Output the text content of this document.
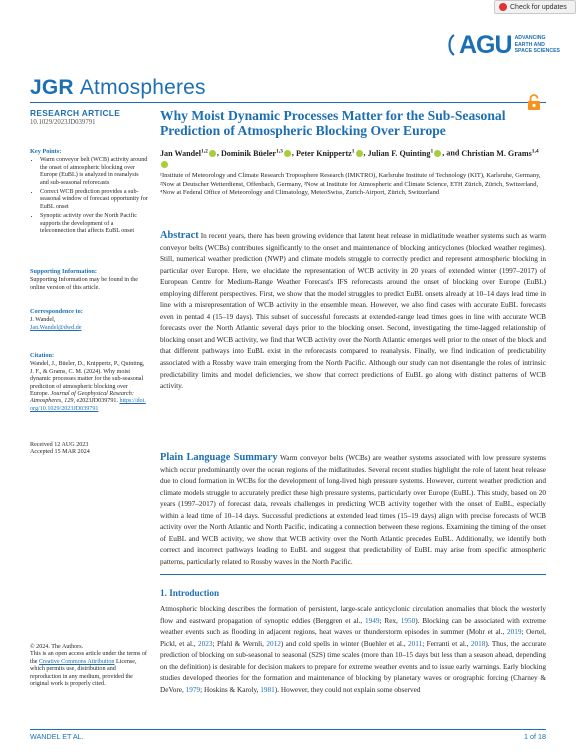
Check for updates
AGU ADVANCING
EARTH AND
SPACE SCIENCES
JGR Atmospheres
RESEARCH ARTICLE
10.1029/2023JD039791
Key Points:
• Warm conveyor belt (WCB) activity around the onset of atmospheric blocking over Europe (EuBL) is analyzed in reanalysis and sub-seasonal reforecasts
• Correct WCB prediction provides a sub-seasonal window of forecast opportunity for EuBL onset
• Synoptic activity over the North Pacific supports the development of a teleconnection that affects EuBL onset
Supporting Information:
Supporting Information may be found in the online version of this article.
Correspondence to:
J. Wandel,
Jan.Wandel@dwd.de
Citation:
Wandel, J., Büeler, D., Knippertz, P., Quinting, J. F., & Grams, C. M. (2024). Why moist dynamic processes matter for the sub-seasonal prediction of atmospheric blocking over Europe. Journal of Geophysical Research: Atmospheres, 129, e2023JD039791. https://doi.org/10.1029/2023JD039791
Received 12 AUG 2023
Accepted 15 MAR 2024
© 2024. The Authors.
This is an open access article under the terms of the Creative Commons Attribution License, which permits use, distribution and reproduction in any medium, provided the original work is properly cited.
Why Moist Dynamic Processes Matter for the Sub-Seasonal Prediction of Atmospheric Blocking Over Europe
Jan Wandel$^{1,2}$ , Dominik Büeler$^{1,3}$ , Peter Knippertz$^1$ , Julian F. Quinting$^1$ , and Christian M. Grams$^{1,4}$
¹Institute of Meteorology and Climate Research Troposphere Research (IMKTRO), Karlsruhe Institute of Technology (KIT), Karlsruhe, Germany, ²Now at Deutscher Wetterdienst, Offenbach, Germany, ³Now at Institute for Atmospheric and Climate Science, ETH Zürich, Zürich, Switzerland, ⁴Now at Federal Office of Meteorology and Climatology, MeteoSwiss, Zurich-Airport, Zürich, Switzerland
Abstract In recent years, there has been growing evidence that latent heat release in midlatitude weather systems such as warm conveyor belts (WCBs) contributes significantly to the onset and maintenance of blocking anticyclones (blocked weather regimes). Still, numerical weather prediction (NWP) and climate models struggle to correctly predict and represent atmospheric blocking in particular over Europe. Here, we elucidate the representation of WCB activity in 20 years of extended winter (1997–2017) of European Centre for Medium-Range Weather Forecast's IFS reforecasts around the onset of blocking over Europe (EuBL) employing different perspectives. First, we show that the model struggles to predict EuBL onsets already at 10–14 days lead time in line with a misrepresentation of WCB activity in the ensemble mean. However, we also find cases with accurate EuBL forecasts even in pentad 4 (15–19 days). This subset of successful forecasts at extended-range lead times goes in line with accurate WCB forecasts over the North Atlantic several days prior to the blocking onset. Second, investigating the time-lagged relationship of blocking onset and WCB activity, we find that WCB activity over the North Atlantic emerges well prior to the onset of the block and that different pathways into EuBL exist in the reforecasts compared to reanalysis. Finally, we find indication of predictability associated with a Rossby wave train emerging from the North Pacific. Although our study can not disentangle the roles of intrinsic predictability limits and model deficiencies, we show that correct predictions of EuBL go along with distinct patterns of WCB activity.
Plain Language Summary Warm conveyor belts (WCBs) are weather systems associated with low pressure systems which occur predominantly over the ocean regions of the midlatitudes. Several recent studies highlight the role of latent heat release due to cloud formation in WCBs for the development of long-lived high pressure systems. However, current weather prediction and climate models struggle to accurately predict these high pressure systems, particularly over Europe (EuBL). This study, based on 20 years (1997–2017) of forecast data, reveals challenges in predicting WCB activity together with the onset of EuBL, especially within a lead time of 10–14 days. Successful predictions at extended lead times (15–19 days) align with precise forecasts of WCB activity over the North Atlantic and North Pacific, indicating a connection between these regions. Examining the timing of the onset of EuBL and WCB activity, we show that WCB activity over the North Atlantic precedes EuBL. Additionally, we identify both correct and incorrect pathways leading to EuBL and suggest that predictability of EuBL may arise from specific atmospheric patterns, particularly related to Rossby waves in the North Pacific.
1. Introduction
Atmospheric blocking describes the formation of persistent, large-scale anticyclonic circulation anomalies that block the westerly flow and eastward propagation of synoptic eddies (Berggren et al., 1949; Rex, 1950). Blocking can be associated with extreme weather events such as flooding in adjacent regions, heat waves or thunderstorm episodes in summer (Mohr et al., 2019; Oertel, Pickl, et al., 2023; Pfahl & Wernli, 2012) and cold spells in winter (Buehler et al., 2011; Ferranti et al., 2018). Thus, the accurate prediction of blocking on sub-seasonal to seasonal (S2S) time scales (more than 10–15 days but less than a season ahead, depending on the definition) is desirable for decision makers to prepare for extreme weather events and to issue early warnings. Early blocking studies developed theories for the formation and maintenance of blocking by planetary waves or orographic forcing (Charney & DeVore, 1979; Hoskins & Karoly, 1981). However, they could not explain some observed
WANDEL ET AL.	1 of 18
